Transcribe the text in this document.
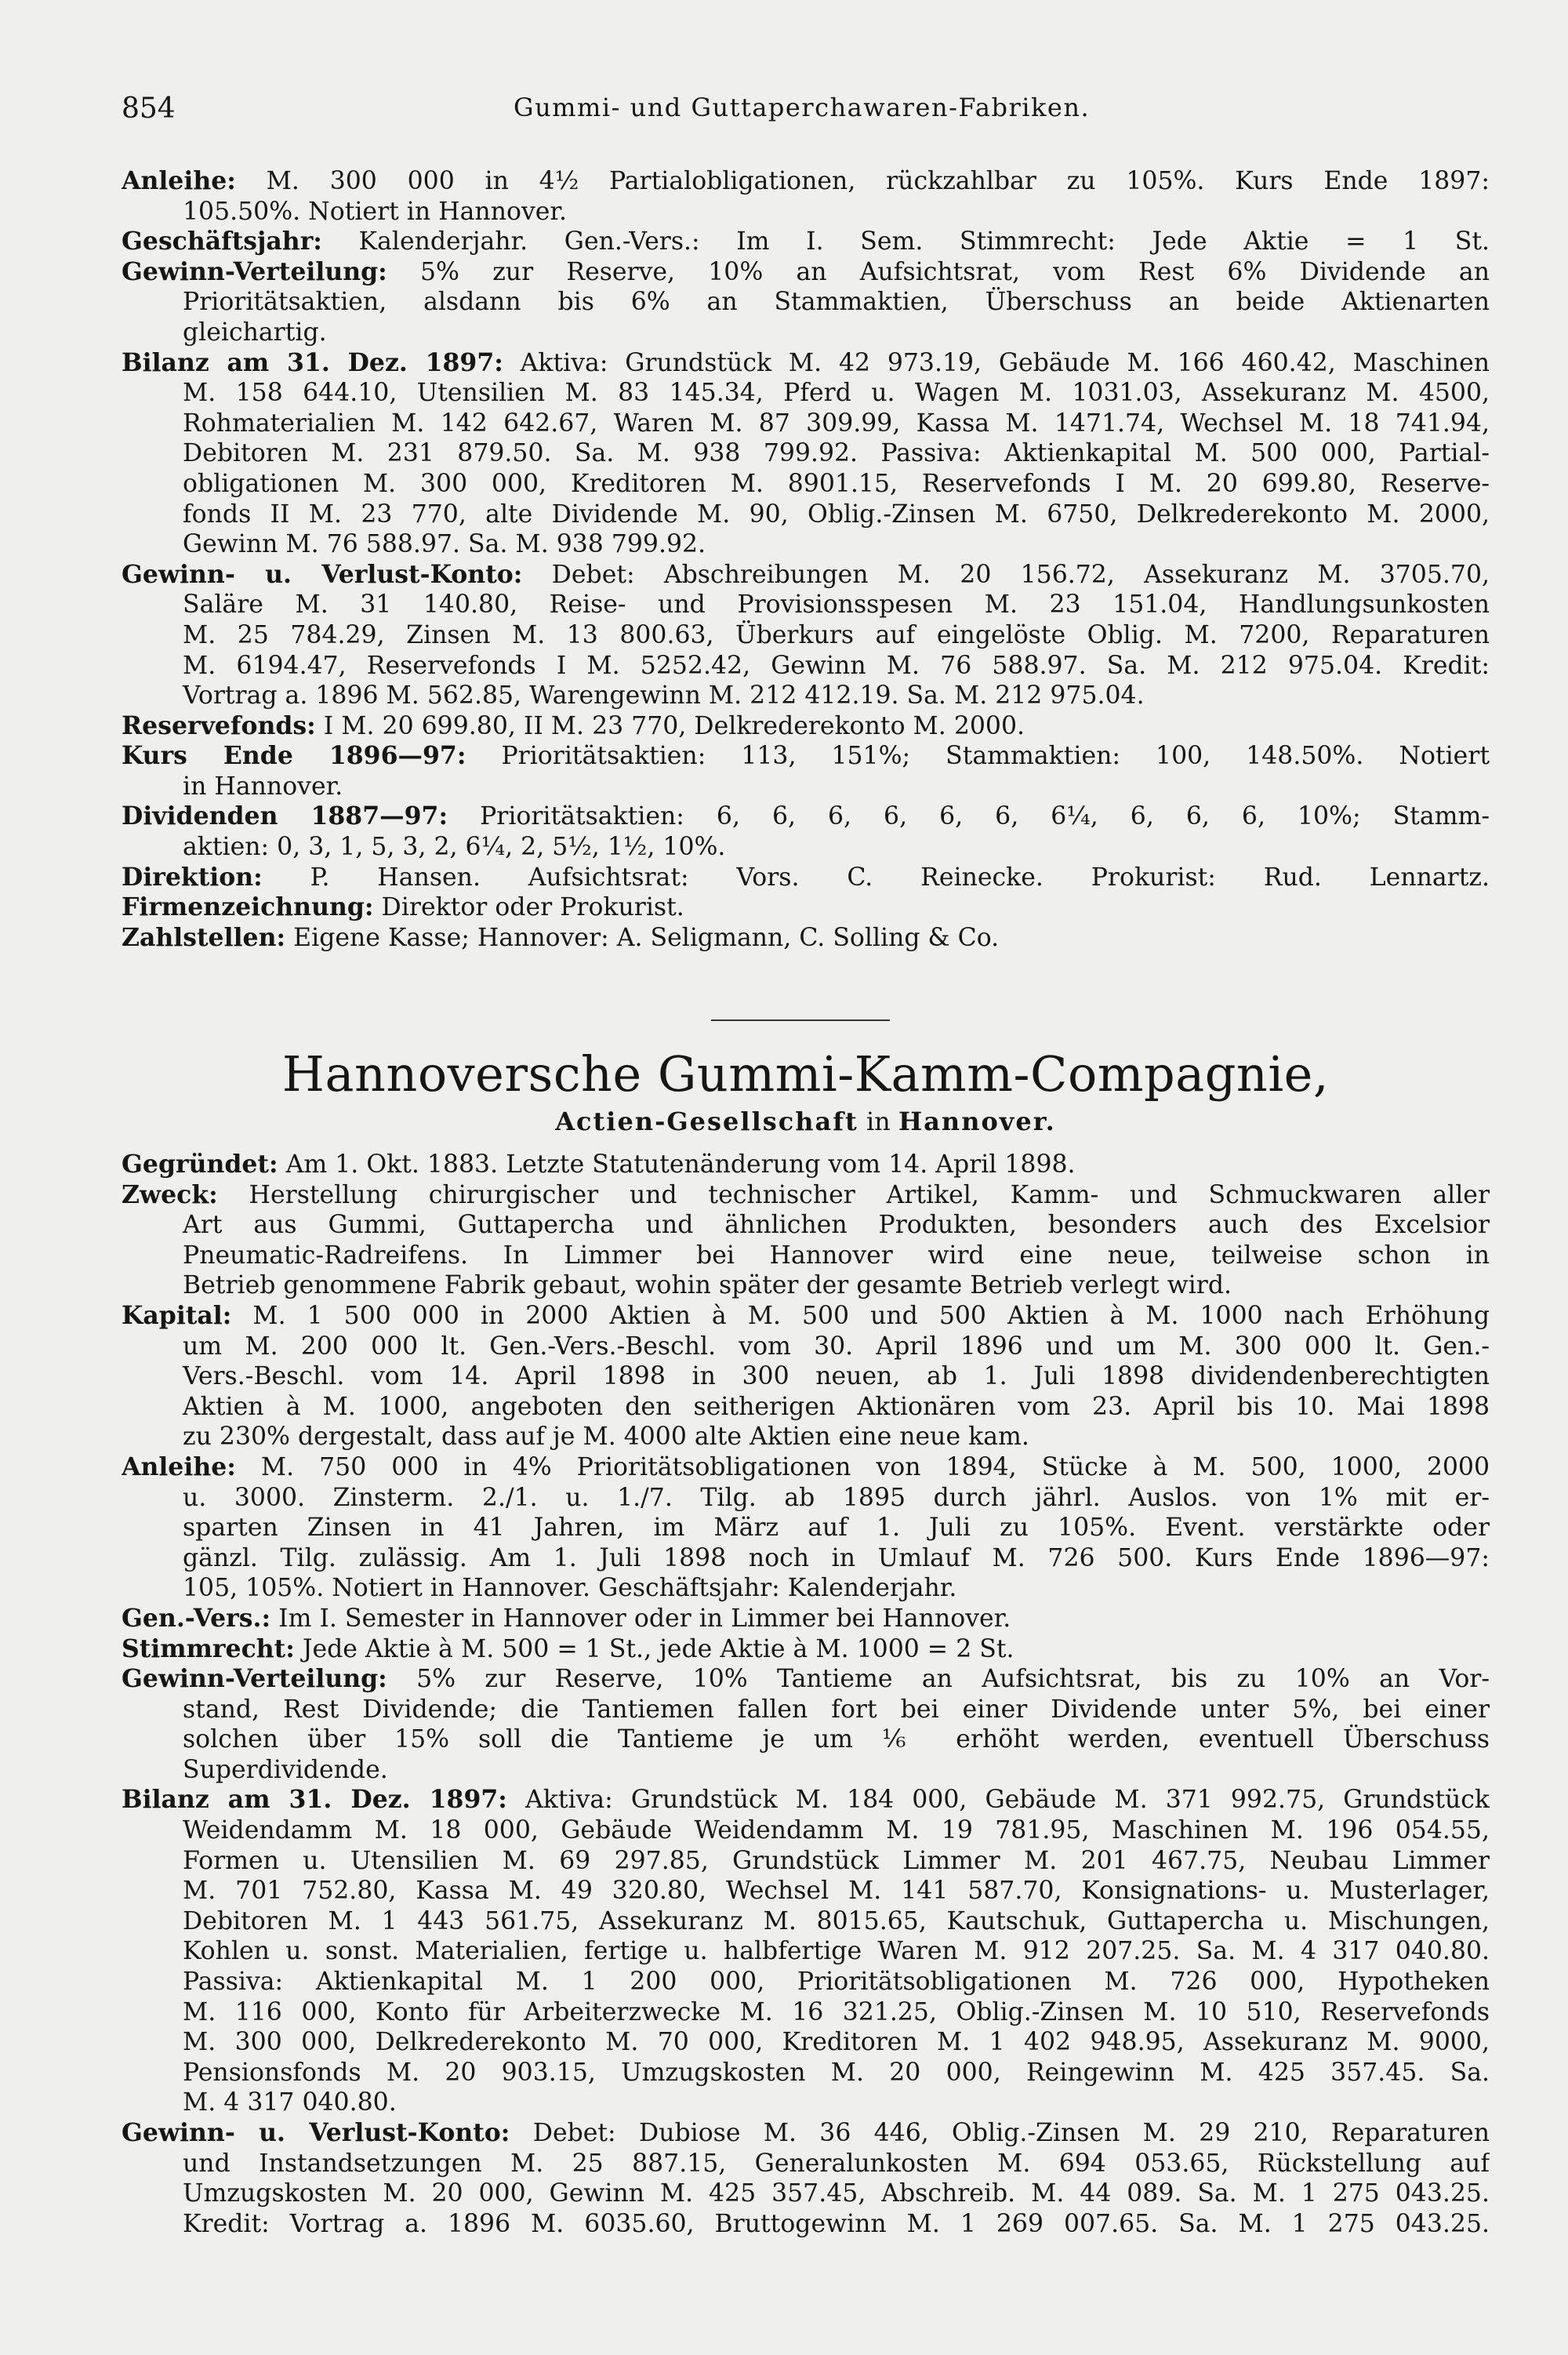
854	Gummi- und Guttaperchawaren-Fabriken.
Anleihe: M. 300 000 in 4½ Partialobligationen, rückzahlbar zu 105%. Kurs Ende 1897:
105.50%. Notiert in Hannover.
Geschäftsjahr: Kalenderjahr. Gen.-Vers.: Im I. Sem. Stimmrecht: Jede Aktie = 1 St.
Gewinn-Verteilung: 5% zur Reserve, 10% an Aufsichtsrat, vom Rest 6% Dividende an
Prioritätsaktien, alsdann bis 6% an Stammaktien, Überschuss an beide Aktienarten
gleichartig.
Bilanz am 31. Dez. 1897: Aktiva: Grundstück M. 42 973.19, Gebäude M. 166 460.42, Maschinen
M. 158 644.10, Utensilien M. 83 145.34, Pferd u. Wagen M. 1031.03, Assekuranz M. 4500,
Rohmaterialien M. 142 642.67, Waren M. 87 309.99, Kassa M. 1471.74, Wechsel M. 18 741.94,
Debitoren M. 231 879.50. Sa. M. 938 799.92. Passiva: Aktienkapital M. 500 000, Partial-
obligationen M. 300 000, Kreditoren M. 8901.15, Reservefonds I M. 20 699.80, Reserve-
fonds II M. 23 770, alte Dividende M. 90, Oblig.-Zinsen M. 6750, Delkrederekonto M. 2000,
Gewinn M. 76 588.97. Sa. M. 938 799.92.
Gewinn- u. Verlust-Konto: Debet: Abschreibungen M. 20 156.72, Assekuranz M. 3705.70,
Saläre M. 31 140.80, Reise- und Provisionsspesen M. 23 151.04, Handlungsunkosten
M. 25 784.29, Zinsen M. 13 800.63, Überkurs auf eingelöste Oblig. M. 7200, Reparaturen
M. 6194.47, Reservefonds I M. 5252.42, Gewinn M. 76 588.97. Sa. M. 212 975.04. Kredit:
Vortrag a. 1896 M. 562.85, Warengewinn M. 212 412.19. Sa. M. 212 975.04.
Reservefonds: I M. 20 699.80, II M. 23 770, Delkrederekonto M. 2000.
Kurs Ende 1896—97: Prioritätsaktien: 113, 151%; Stammaktien: 100, 148.50%. Notiert
in Hannover.
Dividenden 1887—97: Prioritätsaktien: 6, 6, 6, 6, 6, 6, 6¼, 6, 6, 6, 10%; Stamm-
aktien: 0, 3, 1, 5, 3, 2, 6¼, 2, 5½, 1½, 10%.
Direktion: P. Hansen. Aufsichtsrat: Vors. C. Reinecke. Prokurist: Rud. Lennartz.
Firmenzeichnung: Direktor oder Prokurist.
Zahlstellen: Eigene Kasse; Hannover: A. Seligmann, C. Solling & Co.
Hannoversche Gummi-Kamm-Compagnie,
Actien-Gesellschaft in Hannover.
Gegründet: Am 1. Okt. 1883. Letzte Statutenänderung vom 14. April 1898.
Zweck: Herstellung chirurgischer und technischer Artikel, Kamm- und Schmuckwaren aller
Art aus Gummi, Guttapercha und ähnlichen Produkten, besonders auch des Excelsior
Pneumatic-Radreifens. In Limmer bei Hannover wird eine neue, teilweise schon in
Betrieb genommene Fabrik gebaut, wohin später der gesamte Betrieb verlegt wird.
Kapital: M. 1 500 000 in 2000 Aktien à M. 500 und 500 Aktien à M. 1000 nach Erhöhung
um M. 200 000 lt. Gen.-Vers.-Beschl. vom 30. April 1896 und um M. 300 000 lt. Gen.-
Vers.-Beschl. vom 14. April 1898 in 300 neuen, ab 1. Juli 1898 dividendenberechtigten
Aktien à M. 1000, angeboten den seitherigen Aktionären vom 23. April bis 10. Mai 1898
zu 230% dergestalt, dass auf je M. 4000 alte Aktien eine neue kam.
Anleihe: M. 750 000 in 4% Prioritätsobligationen von 1894, Stücke à M. 500, 1000, 2000
u. 3000. Zinsterm. 2./1. u. 1./7. Tilg. ab 1895 durch jährl. Auslos. von 1% mit er-
sparten Zinsen in 41 Jahren, im März auf 1. Juli zu 105%. Event. verstärkte oder
gänzl. Tilg. zulässig. Am 1. Juli 1898 noch in Umlauf M. 726 500. Kurs Ende 1896—97:
105, 105%. Notiert in Hannover. Geschäftsjahr: Kalenderjahr.
Gen.-Vers.: Im I. Semester in Hannover oder in Limmer bei Hannover.
Stimmrecht: Jede Aktie à M. 500 = 1 St., jede Aktie à M. 1000 = 2 St.
Gewinn-Verteilung: 5% zur Reserve, 10% Tantieme an Aufsichtsrat, bis zu 10% an Vor-
stand, Rest Dividende; die Tantiemen fallen fort bei einer Dividende unter 5%, bei einer
solchen über 15% soll die Tantieme je um ⅙ erhöht werden, eventuell Überschuss
Superdividende.
Bilanz am 31. Dez. 1897: Aktiva: Grundstück M. 184 000, Gebäude M. 371 992.75, Grundstück
Weidendamm M. 18 000, Gebäude Weidendamm M. 19 781.95, Maschinen M. 196 054.55,
Formen u. Utensilien M. 69 297.85, Grundstück Limmer M. 201 467.75, Neubau Limmer
M. 701 752.80, Kassa M. 49 320.80, Wechsel M. 141 587.70, Konsignations- u. Musterlager,
Debitoren M. 1 443 561.75, Assekuranz M. 8015.65, Kautschuk, Guttapercha u. Mischungen,
Kohlen u. sonst. Materialien, fertige u. halbfertige Waren M. 912 207.25. Sa. M. 4 317 040.80.
Passiva: Aktienkapital M. 1 200 000, Prioritätsobligationen M. 726 000, Hypotheken
M. 116 000, Konto für Arbeiterzwecke M. 16 321.25, Oblig.-Zinsen M. 10 510, Reservefonds
M. 300 000, Delkrederekonto M. 70 000, Kreditoren M. 1 402 948.95, Assekuranz M. 9000,
Pensionsfonds M. 20 903.15, Umzugskosten M. 20 000, Reingewinn M. 425 357.45. Sa.
M. 4 317 040.80.
Gewinn- u. Verlust-Konto: Debet: Dubiose M. 36 446, Oblig.-Zinsen M. 29 210, Reparaturen
und Instandsetzungen M. 25 887.15, Generalunkosten M. 694 053.65, Rückstellung auf
Umzugskosten M. 20 000, Gewinn M. 425 357.45, Abschreib. M. 44 089. Sa. M. 1 275 043.25.
Kredit: Vortrag a. 1896 M. 6035.60, Bruttogewinn M. 1 269 007.65. Sa. M. 1 275 043.25.
